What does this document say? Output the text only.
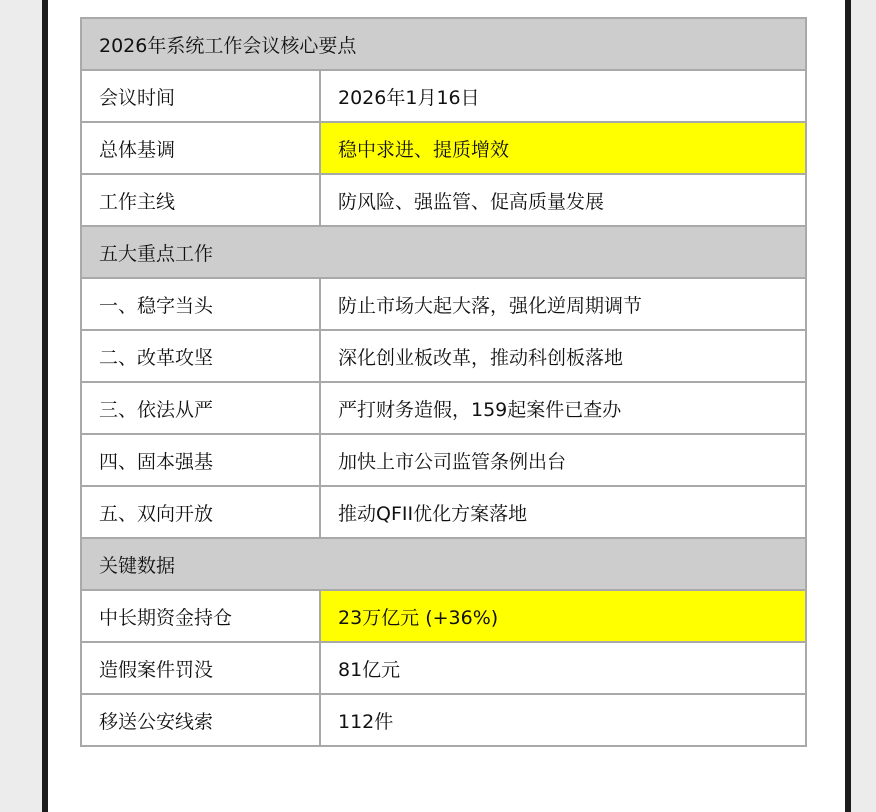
2026年系统工作会议核心要点	
会议时间	2026年1月16日
总体基调	稳中求进、提质增效
工作主线	防风险、强监管、促高质量发展
五大重点工作	
一、稳字当头	防止市场大起大落，强化逆周期调节
二、改革攻坚	深化创业板改革，推动科创板落地
三、依法从严	严打财务造假，159起案件已查办
四、固本强基	加快上市公司监管条例出台
五、双向开放	推动QFII优化方案落地
关键数据	
中长期资金持仓	23万亿元 (+36%)
造假案件罚没	81亿元
移送公安线索	112件
